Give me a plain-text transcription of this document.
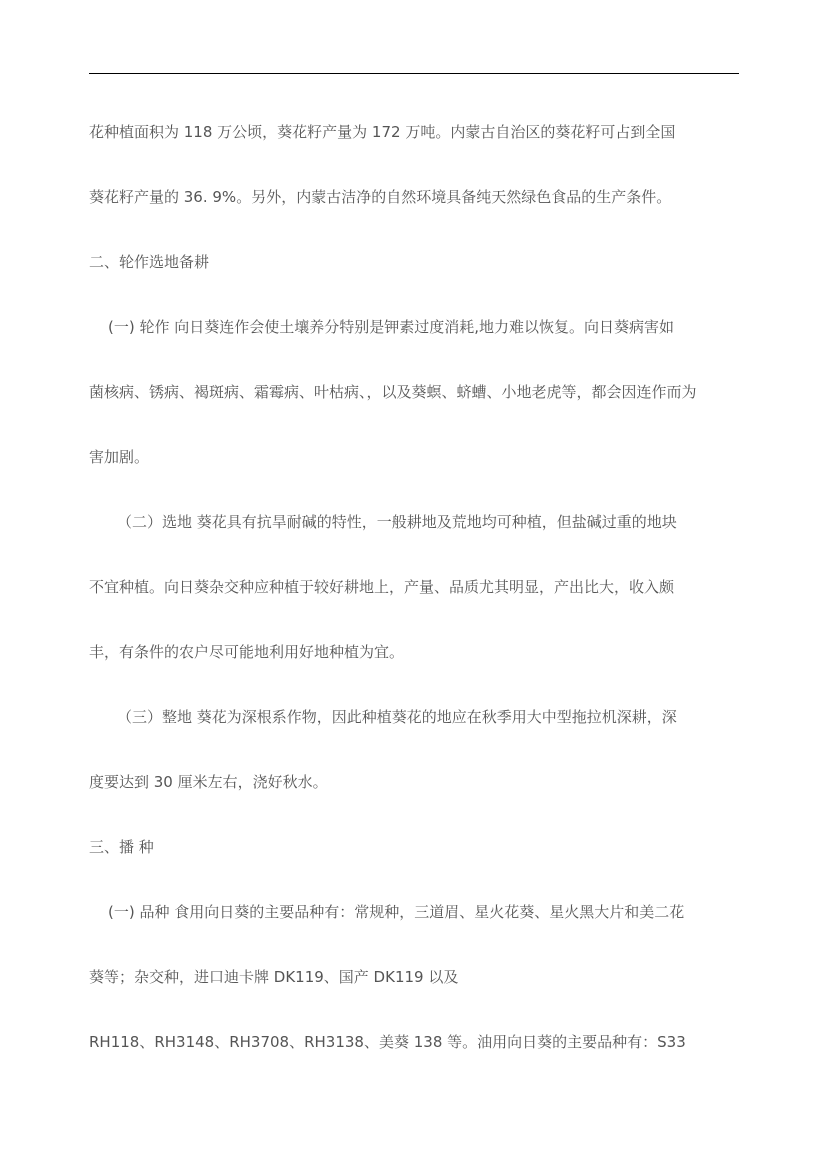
花种植面积为 118 万公顷，葵花籽产量为 172 万吨。内蒙古自治区的葵花籽可占到全国
葵花籽产量的 36. 9%。另外，内蒙古洁净的自然环境具备纯天然绿色食品的生产条件。
二、轮作选地备耕
(一) 轮作 向日葵连作会使土壤养分特别是钾素过度消耗,地力难以恢复。向日葵病害如
菌核病、锈病、褐斑病、霜霉病、叶枯病、，以及葵螟、蛴螬、小地老虎等，都会因连作而为
害加剧。
（二）选地 葵花具有抗旱耐碱的特性，一般耕地及荒地均可种植，但盐碱过重的地块
不宜种植。向日葵杂交种应种植于较好耕地上，产量、品质尤其明显，产出比大，收入颇
丰，有条件的农户尽可能地利用好地种植为宜。
（三）整地 葵花为深根系作物，因此种植葵花的地应在秋季用大中型拖拉机深耕，深
度要达到 30 厘米左右，浇好秋水。
三、播 种
(一) 品种 食用向日葵的主要品种有：常规种，三道眉、星火花葵、星火黑大片和美二花
葵等；杂交种，进口迪卡牌 DK119、国产 DK119 以及
RH118、RH3148、RH3708、RH3138、美葵 138 等。油用向日葵的主要品种有：S33
